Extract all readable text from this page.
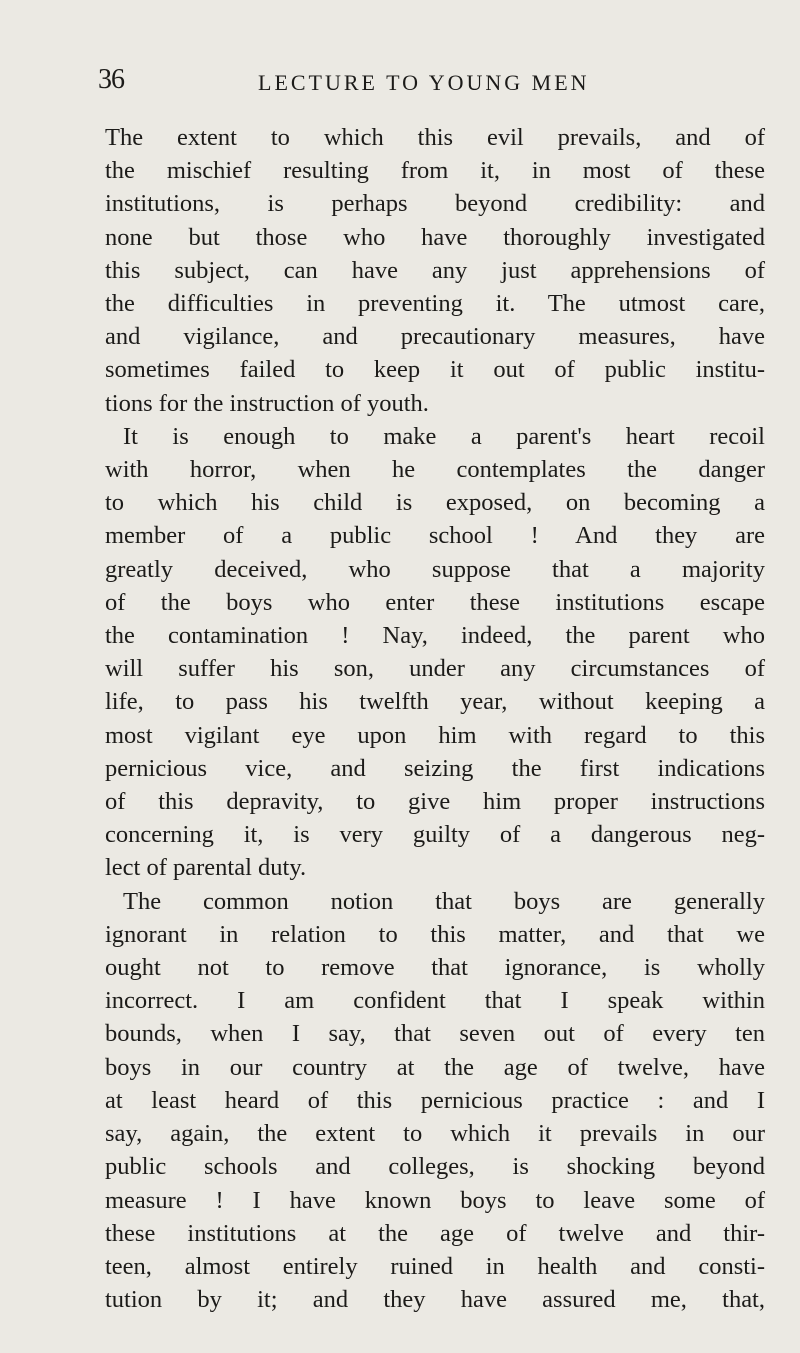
36	LECTURE TO YOUNG MEN
The extent to which this evil prevails, and of
the mischief resulting from it, in most of these
institutions, is perhaps beyond credibility: and
none but those who have thoroughly investigated
this subject, can have any just apprehensions of
the difficulties in preventing it. The utmost care,
and vigilance, and precautionary measures, have
sometimes failed to keep it out of public institu-
tions for the instruction of youth.
It is enough to make a parent's heart recoil
with horror, when he contemplates the danger
to which his child is exposed, on becoming a
member of a public school ! And they are
greatly deceived, who suppose that a majority
of the boys who enter these institutions escape
the contamination ! Nay, indeed, the parent who
will suffer his son, under any circumstances of
life, to pass his twelfth year, without keeping a
most vigilant eye upon him with regard to this
pernicious vice, and seizing the first indications
of this depravity, to give him proper instructions
concerning it, is very guilty of a dangerous neg-
lect of parental duty.
The common notion that boys are generally
ignorant in relation to this matter, and that we
ought not to remove that ignorance, is wholly
incorrect. I am confident that I speak within
bounds, when I say, that seven out of every ten
boys in our country at the age of twelve, have
at least heard of this pernicious practice : and I
say, again, the extent to which it prevails in our
public schools and colleges, is shocking beyond
measure ! I have known boys to leave some of
these institutions at the age of twelve and thir-
teen, almost entirely ruined in health and consti-
tution by it; and they have assured me, that,
